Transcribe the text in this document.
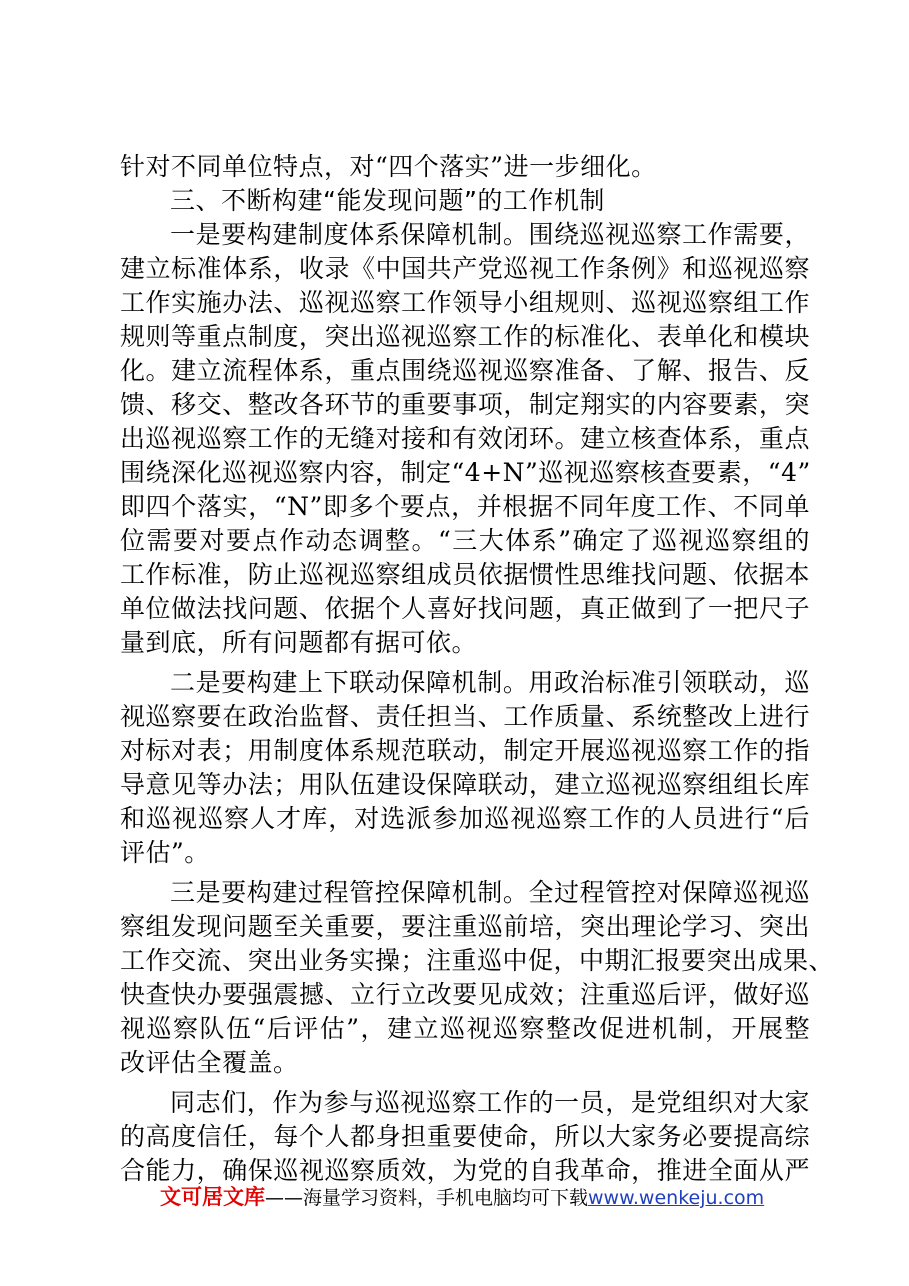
针对不同单位特点，对“四个落实”进一步细化。
三、不断构建“能发现问题”的工作机制
一是要构建制度体系保障机制。围绕巡视巡察工作需要，
建立标准体系，收录《中国共产党巡视工作条例》和巡视巡察
工作实施办法、巡视巡察工作领导小组规则、巡视巡察组工作
规则等重点制度，突出巡视巡察工作的标准化、表单化和模块
化。建立流程体系，重点围绕巡视巡察准备、了解、报告、反
馈、移交、整改各环节的重要事项，制定翔实的内容要素，突
出巡视巡察工作的无缝对接和有效闭环。建立核查体系，重点
围绕深化巡视巡察内容，制定“4+N”巡视巡察核查要素，“4”
即四个落实，“N”即多个要点，并根据不同年度工作、不同单
位需要对要点作动态调整。“三大体系”确定了巡视巡察组的
工作标准，防止巡视巡察组成员依据惯性思维找问题、依据本
单位做法找问题、依据个人喜好找问题，真正做到了一把尺子
量到底，所有问题都有据可依。
二是要构建上下联动保障机制。用政治标准引领联动，巡
视巡察要在政治监督、责任担当、工作质量、系统整改上进行
对标对表；用制度体系规范联动，制定开展巡视巡察工作的指
导意见等办法；用队伍建设保障联动，建立巡视巡察组组长库
和巡视巡察人才库，对选派参加巡视巡察工作的人员进行“后
评估”。
三是要构建过程管控保障机制。全过程管控对保障巡视巡
察组发现问题至关重要，要注重巡前培，突出理论学习、突出
工作交流、突出业务实操；注重巡中促，中期汇报要突出成果、
快查快办要强震撼、立行立改要见成效；注重巡后评，做好巡
视巡察队伍“后评估”，建立巡视巡察整改促进机制，开展整
改评估全覆盖。
同志们，作为参与巡视巡察工作的一员，是党组织对大家
的高度信任，每个人都身担重要使命，所以大家务必要提高综
合能力，确保巡视巡察质效，为党的自我革命，推进全面从严
文可居文库——海量学习资料，手机电脑均可下载www.wenkeju.com
